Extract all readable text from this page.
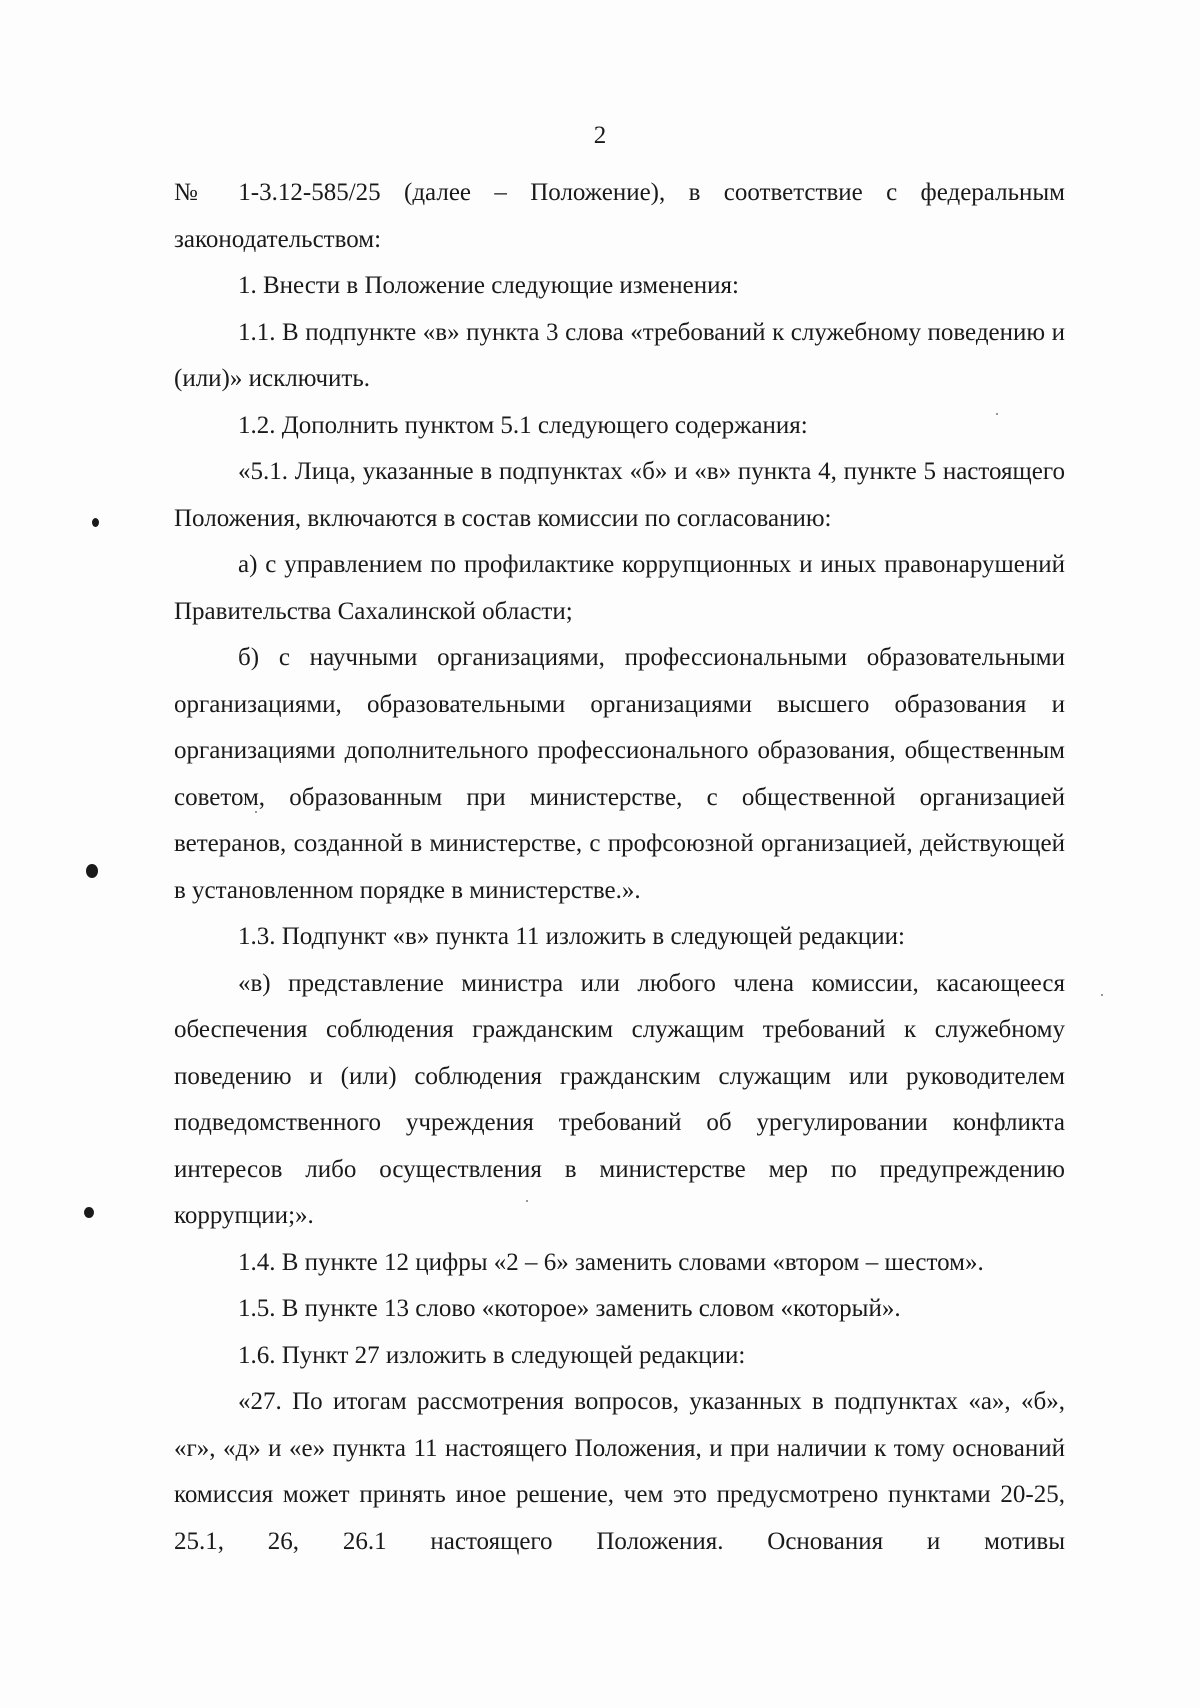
2

№ 1-3.12-585/25 (далее – Положение), в соответствие с федеральным законодательством:

1. Внести в Положение следующие изменения:

1.1. В подпункте «в» пункта 3 слова «требований к служебному поведению и (или)» исключить.

1.2. Дополнить пунктом 5.1 следующего содержания:

«5.1. Лица, указанные в подпунктах «б» и «в» пункта 4, пункте 5 настоящего Положения, включаются в состав комиссии по согласованию:

а) с управлением по профилактике коррупционных и иных правонарушений Правительства Сахалинской области;

б) с научными организациями, профессиональными образовательными организациями, образовательными организациями высшего образования и организациями дополнительного профессионального образования, общественным советом, образованным при министерстве, с общественной организацией ветеранов, созданной в министерстве, с профсоюзной организацией, действующей в установленном порядке в министерстве.».

1.3. Подпункт «в» пункта 11 изложить в следующей редакции:

«в) представление министра или любого члена комиссии, касающееся обеспечения соблюдения гражданским служащим требований к служебному поведению и (или) соблюдения гражданским служащим или руководителем подведомственного учреждения требований об урегулировании конфликта интересов либо осуществления в министерстве мер по предупреждению коррупции;».

1.4. В пункте 12 цифры «2 – 6» заменить словами «втором – шестом».

1.5. В пункте 13 слово «которое» заменить словом «который».

1.6. Пункт 27 изложить в следующей редакции:

«27. По итогам рассмотрения вопросов, указанных в подпунктах «а», «б», «г», «д» и «е» пункта 11 настоящего Положения, и при наличии к тому оснований комиссия может принять иное решение, чем это предусмотрено пунктами 20-25, 25.1, 26, 26.1 настоящего Положения. Основания и мотивы
